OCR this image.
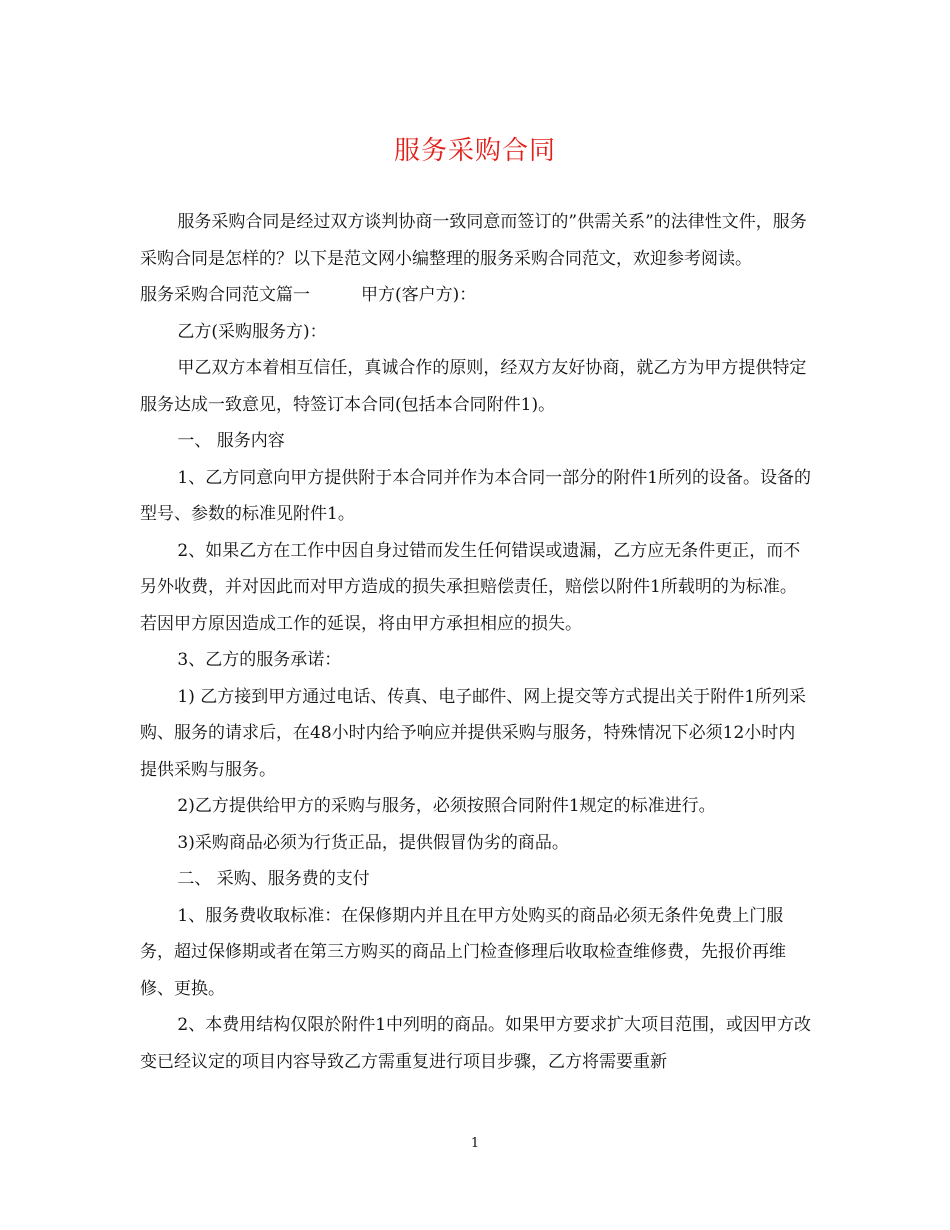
服务采购合同

服务采购合同是经过双方谈判协商一致同意而签订的”供需关系”的法律性文件，服务采购合同是怎样的？以下是范文网小编整理的服务采购合同范文，欢迎参考阅读。

服务采购合同范文篇一	甲方(客户方)：

乙方(采购服务方)：

甲乙双方本着相互信任，真诚合作的原则，经双方友好协商，就乙方为甲方提供特定服务达成一致意见，特签订本合同(包括本合同附件1)。

一、 服务内容

1、乙方同意向甲方提供附于本合同并作为本合同一部分的附件1所列的设备。设备的型号、参数的标准见附件1。

2、如果乙方在工作中因自身过错而发生任何错误或遗漏，乙方应无条件更正，而不另外收费，并对因此而对甲方造成的损失承担赔偿责任，赔偿以附件1所载明的为标准。若因甲方原因造成工作的延误，将由甲方承担相应的损失。

3、乙方的服务承诺：

1) 乙方接到甲方通过电话、传真、电子邮件、网上提交等方式提出关于附件1所列采购、服务的请求后，在48小时内给予响应并提供采购与服务，特殊情况下必须12小时内提供采购与服务。

2)乙方提供给甲方的采购与服务，必须按照合同附件1规定的标准进行。

3)采购商品必须为行货正品，提供假冒伪劣的商品。

二、 采购、服务费的支付

1、服务费收取标准：在保修期内并且在甲方处购买的商品必须无条件免费上门服务，超过保修期或者在第三方购买的商品上门检查修理后收取检查维修费，先报价再维修、更换。

2、本费用结构仅限於附件1中列明的商品。如果甲方要求扩大项目范围，或因甲方改变已经议定的项目内容导致乙方需重复进行项目步骤，乙方将需要重新

1
